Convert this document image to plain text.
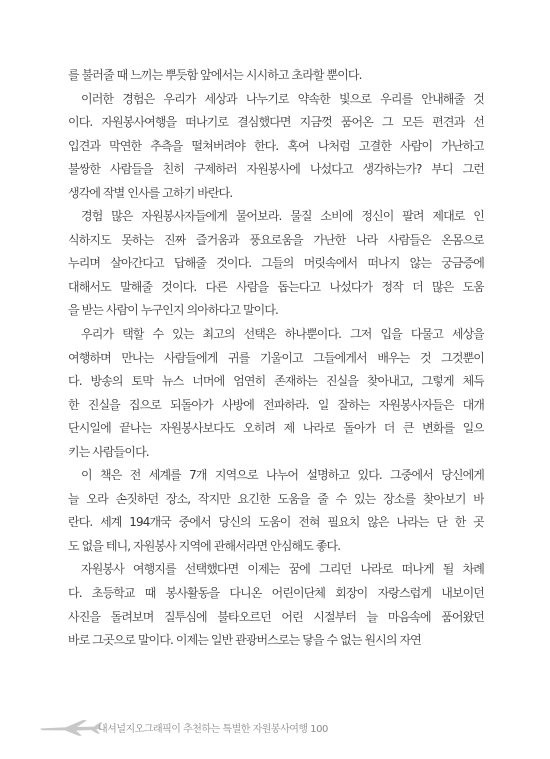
를 불러줄 때 느끼는 뿌듯함 앞에서는 시시하고 초라할 뿐이다.
이러한 경험은 우리가 세상과 나누기로 약속한 빛으로 우리를 안내해줄 것
이다. 자원봉사여행을 떠나기로 결심했다면 지금껏 품어온 그 모든 편견과 선
입견과 막연한 추측을 떨쳐버려야 한다. 혹여 나처럼 고결한 사람이 가난하고
불쌍한 사람들을 친히 구제하러 자원봉사에 나섰다고 생각하는가? 부디 그런
생각에 작별 인사를 고하기 바란다.
경험 많은 자원봉사자들에게 물어보라. 물질 소비에 정신이 팔려 제대로 인
식하지도 못하는 진짜 즐거움과 풍요로움을 가난한 나라 사람들은 온몸으로
누리며 살아간다고 답해줄 것이다. 그들의 머릿속에서 떠나지 않는 궁금증에
대해서도 말해줄 것이다. 다른 사람을 돕는다고 나섰다가 정작 더 많은 도움
을 받는 사람이 누구인지 의아하다고 말이다.
우리가 택할 수 있는 최고의 선택은 하나뿐이다. 그저 입을 다물고 세상을
여행하며 만나는 사람들에게 귀를 기울이고 그들에게서 배우는 것 그것뿐이
다. 방송의 토막 뉴스 너머에 엄연히 존재하는 진실을 찾아내고, 그렇게 체득
한 진실을 집으로 되돌아가 사방에 전파하라. 일 잘하는 자원봉사자들은 대개
단시일에 끝나는 자원봉사보다도 오히려 제 나라로 돌아가 더 큰 변화를 일으
키는 사람들이다.
이 책은 전 세계를 7개 지역으로 나누어 설명하고 있다. 그중에서 당신에게
늘 오라 손짓하던 장소, 작지만 요긴한 도움을 줄 수 있는 장소를 찾아보기 바
란다. 세계 194개국 중에서 당신의 도움이 전혀 필요치 않은 나라는 단 한 곳
도 없을 테니, 자원봉사 지역에 관해서라면 안심해도 좋다.
자원봉사 여행지를 선택했다면 이제는 꿈에 그리던 나라로 떠나게 될 차례
다. 초등학교 때 봉사활동을 다니온 어린이단체 회장이 자랑스럽게 내보이던
사진을 돌려보며 질투심에 불타오르던 어린 시절부터 늘 마음속에 품어왔던
바로 그곳으로 말이다. 이제는 일반 관광버스로는 닿을 수 없는 원시의 자연
내셔널지오그래픽이 추천하는 특별한 자원봉사여행 100
